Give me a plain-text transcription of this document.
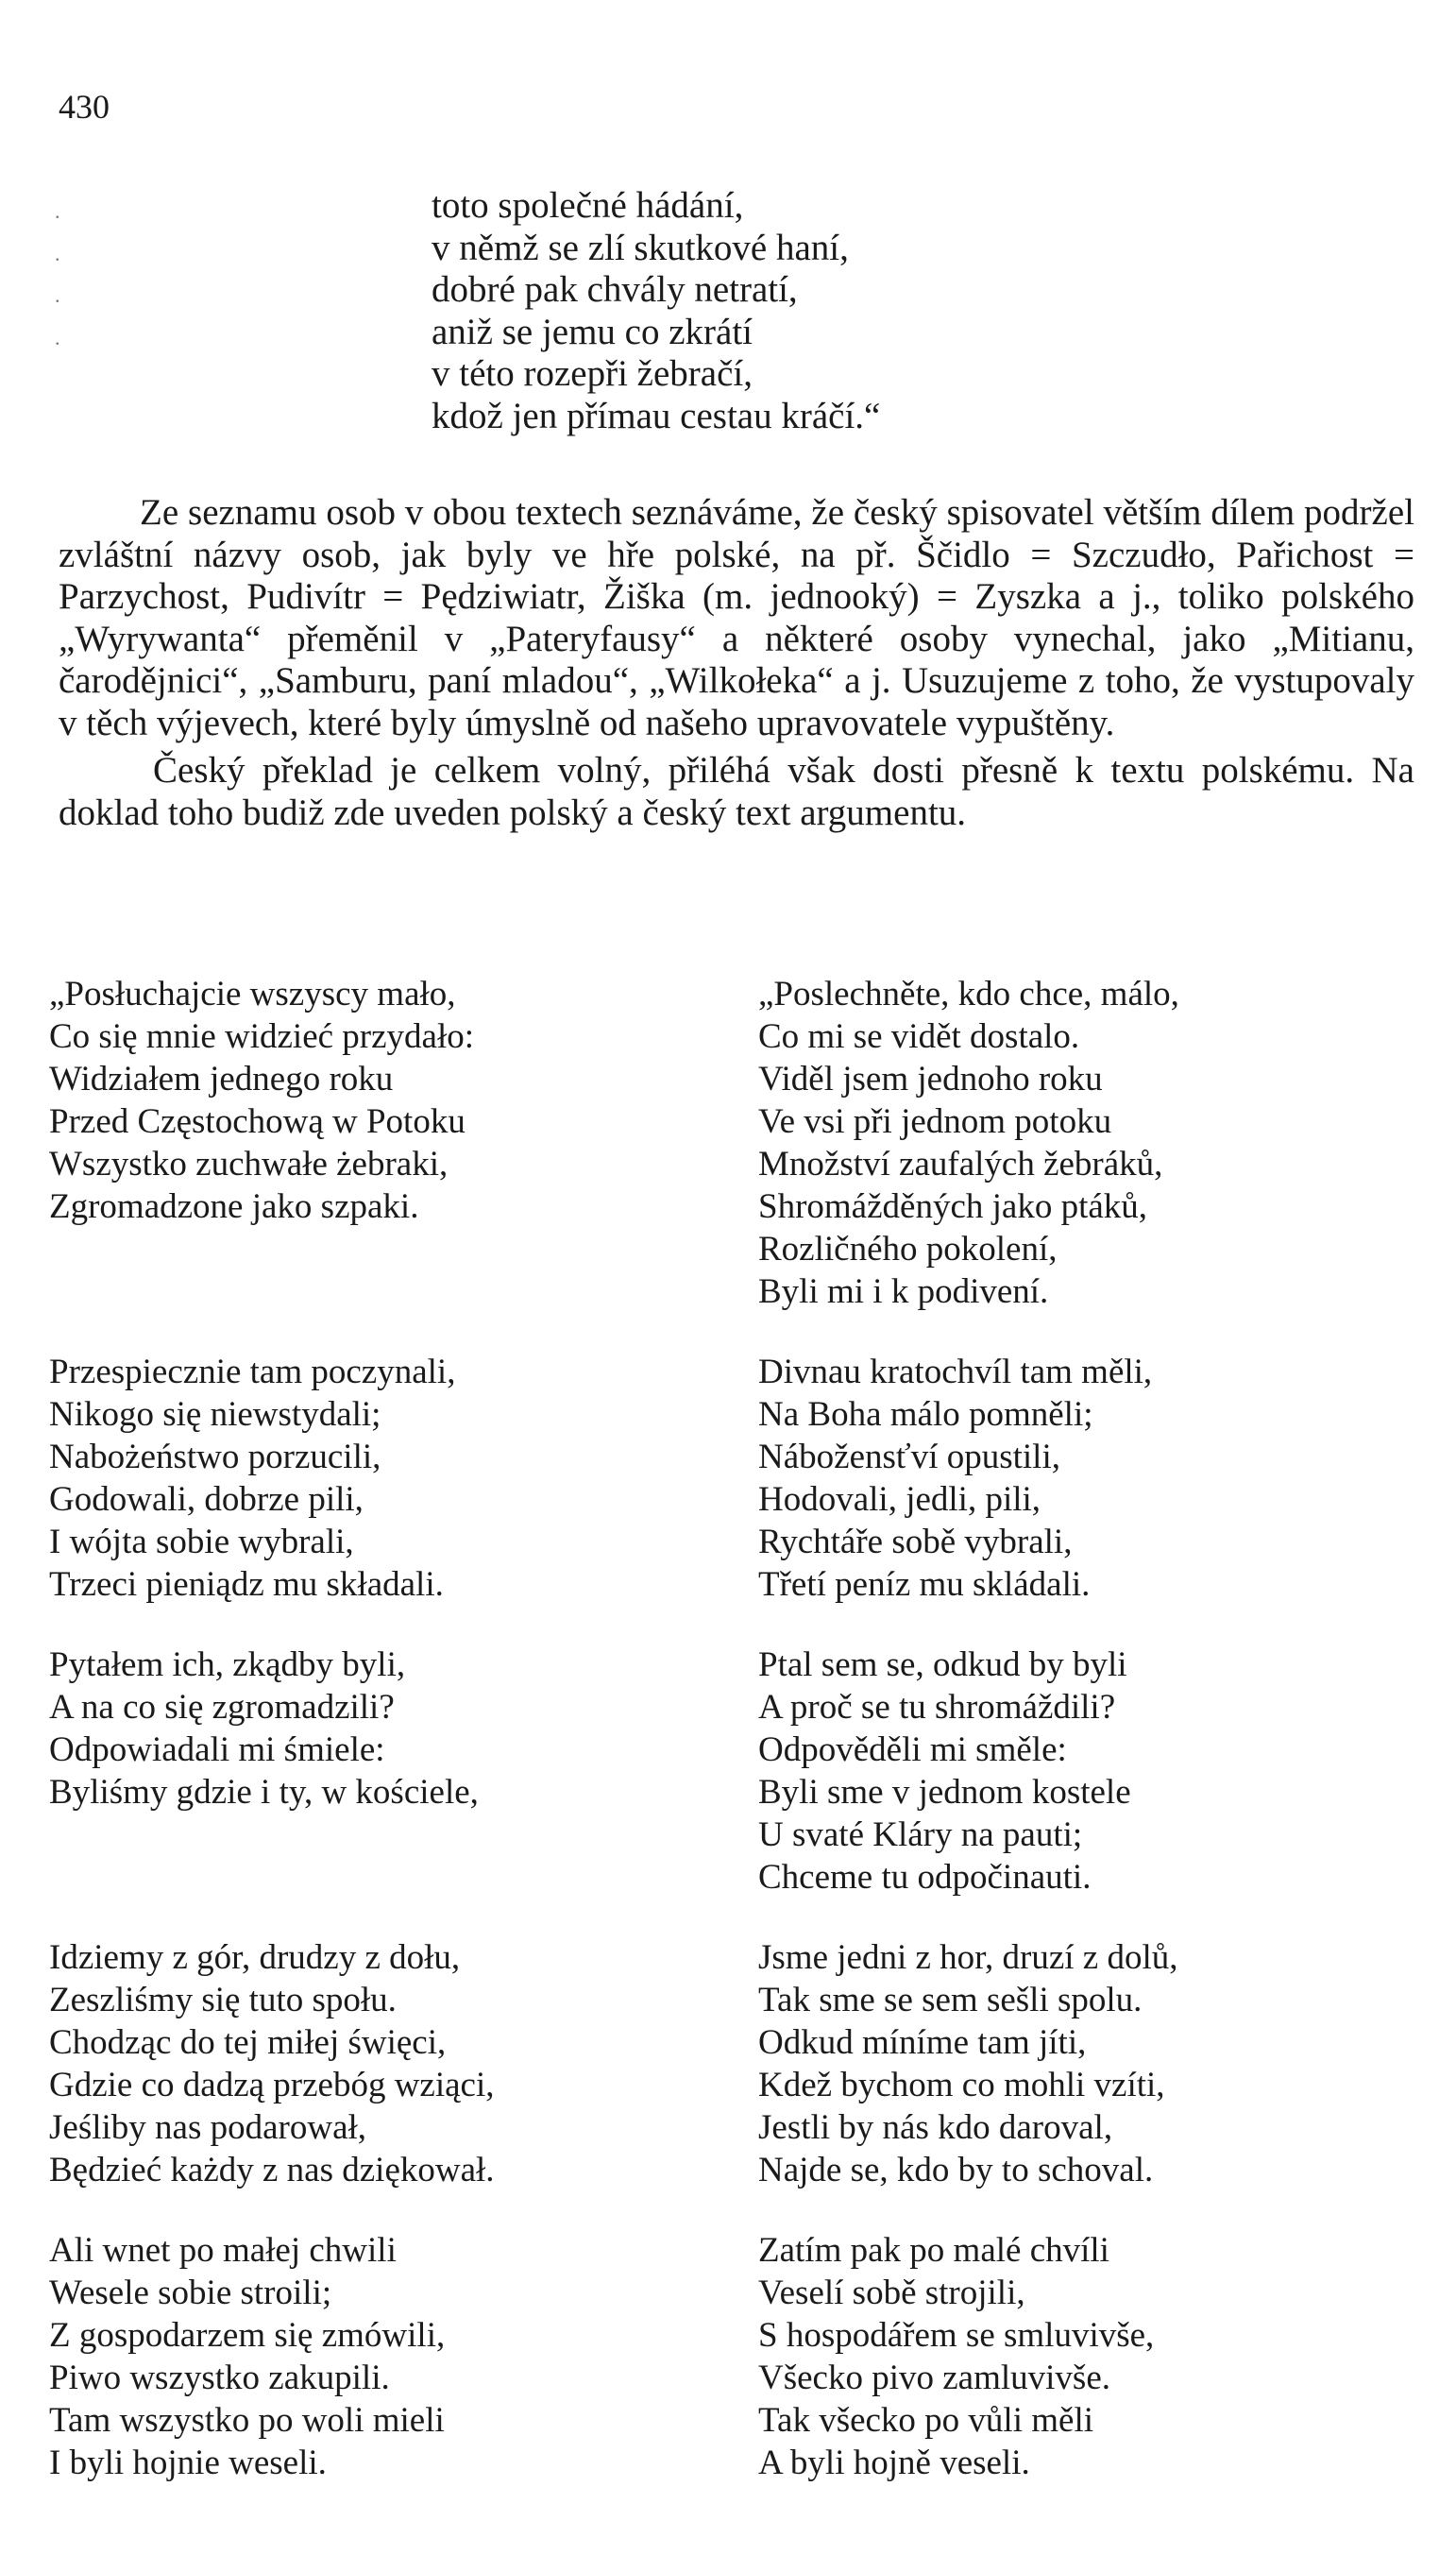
430
.
.
.
.
toto společné hádání,
v němž se zlí skutkové haní,
dobré pak chvály netratí,
aniž se jemu co zkrátí
v této rozepři žebračí,
kdož jen přímau cestau kráčí.“

Ze seznamu osob v obou textech seznáváme, že český spisovatel větším dílem podržel zvláštní názvy osob, jak byly ve hře polské, na př. Ščidlo = Szczudło, Pařichost = Parzychost, Pudivítr = Pędziwiatr, Žiška (m. jednooký) = Zyszka a j., toliko polského „Wyrywanta“ přeměnil v „Pateryfausy“ a některé osoby vynechal, jako „Mitianu, čarodějnici“, „Samburu, paní mladou“, „Wilkołeka“ a j. Usuzujeme z toho, že vystupovaly v těch výjevech, které byly úmyslně od našeho upravovatele vypuštěny.

Český překlad je celkem volný, přiléhá však dosti přesně k textu polskému. Na doklad toho budiž zde uveden polský a český text argumentu.

„Posłuchajcie wszyscy mało,
Co się mnie widzieć przydało:
Widziałem jednego roku
Przed Częstochową w Potoku
Wszystko zuchwałe żebraki,
Zgromadzone jako szpaki.
Przespiecznie tam poczynali,
Nikogo się niewstydali;
Nabożeństwo porzucili,
Godowali, dobrze pili,
I wójta sobie wybrali,
Trzeci pieniądz mu składali.
Pytałem ich, zkądby byli,
A na co się zgromadzili?
Odpowiadali mi śmiele:
Byliśmy gdzie i ty, w kościele,
Idziemy z gór, drudzy z dołu,
Zeszliśmy się tuto społu.
Chodząc do tej miłej święci,
Gdzie co dadzą przebóg wziąci,
Jeśliby nas podarował,
Będzieć każdy z nas dziękował.
Ali wnet po małej chwili
Wesele sobie stroili;
Z gospodarzem się zmówili,
Piwo wszystko zakupili.
Tam wszystko po woli mieli
I byli hojnie weseli.
„Poslechněte, kdo chce, málo,
Co mi se vidět dostalo.
Viděl jsem jednoho roku
Ve vsi při jednom potoku
Množství zaufalých žebráků,
Shromážděných jako ptáků,
Rozličného pokolení,
Byli mi i k podivení.
Divnau kratochvíl tam měli,
Na Boha málo pomněli;
Nábožensťví opustili,
Hodovali, jedli, pili,
Rychtáře sobě vybrali,
Třetí peníz mu skládali.
Ptal sem se, odkud by byli
A proč se tu shromáždili?
Odpověděli mi směle:
Byli sme v jednom kostele
U svaté Kláry na pauti;
Chceme tu odpočinauti.
Jsme jedni z hor, druzí z dolů,
Tak sme se sem sešli spolu.
Odkud míníme tam jíti,
Kdež bychom co mohli vzíti,
Jestli by nás kdo daroval,
Najde se, kdo by to schoval.
Zatím pak po malé chvíli
Veselí sobě strojili,
S hospodářem se smluvivše,
Všecko pivo zamluvivše.
Tak všecko po vůli měli
A byli hojně veseli.
